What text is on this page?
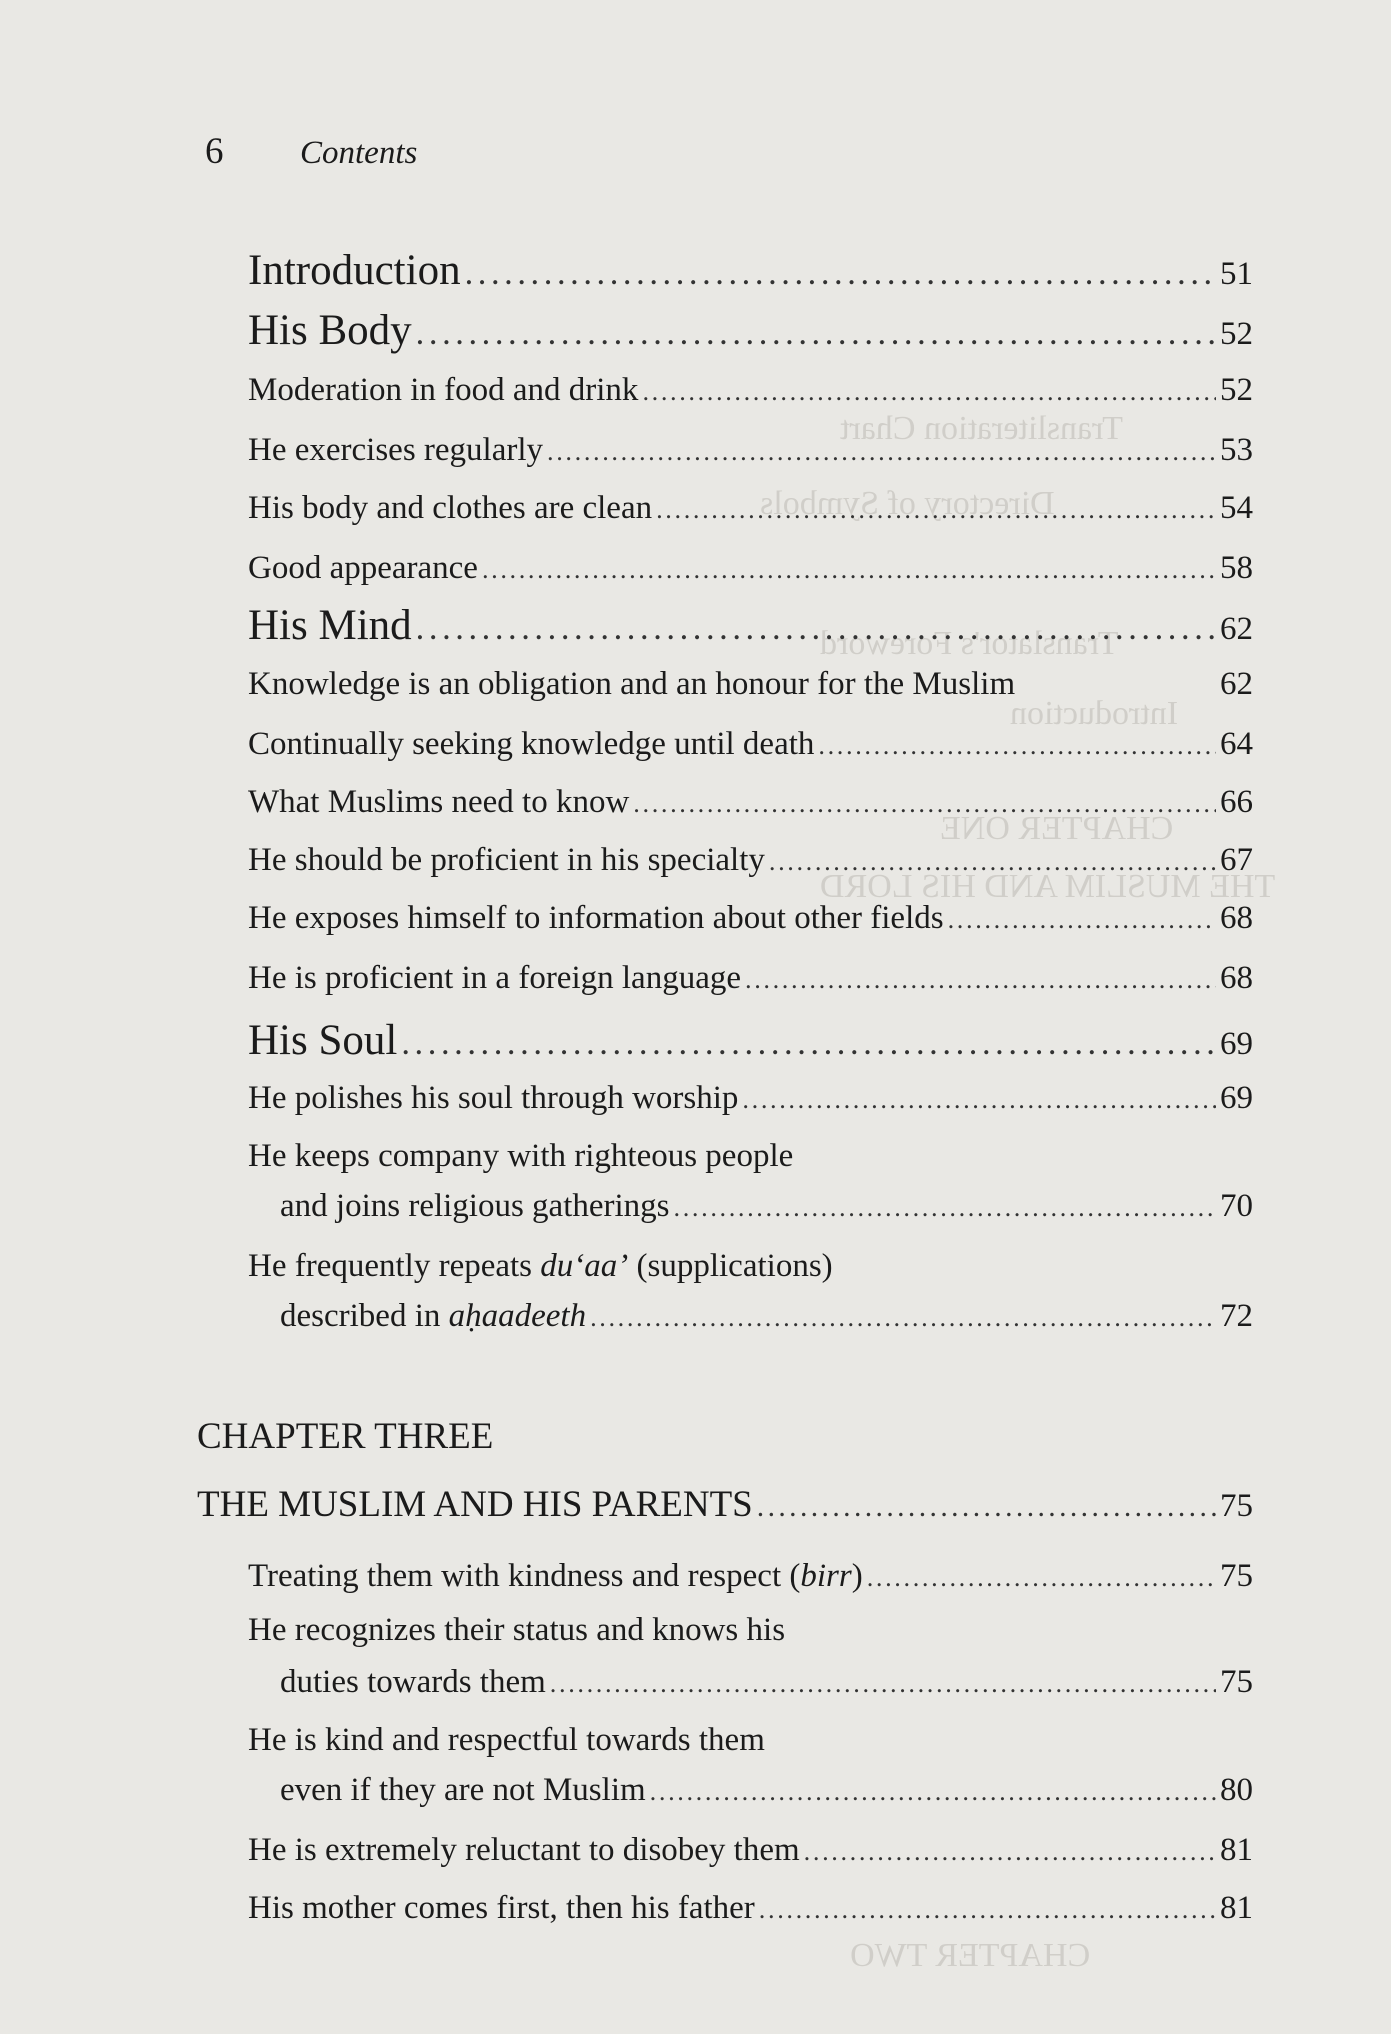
6 Contents
Transliteration Chart
Directory of Symbols
Translator's Foreword
Introduction
CHAPTER ONE
THE MUSLIM AND HIS LORD
CHAPTER TWO
Introduction . . .	51
His Body . . .	52
Moderation in food and drink . . .	52
He exercises regularly . . .	53
His body and clothes are clean . . .	54
Good appearance . . .	58
His Mind . . .	62
Knowledge is an obligation and an honour for the Muslim	62
Continually seeking knowledge until death . . .	64
What Muslims need to know . . .	66
He should be proficient in his specialty . . .	67
He exposes himself to information about other fields . . .	68
He is proficient in a foreign language . . .	68
His Soul . . .	69
He polishes his soul through worship . . .	69
He keeps company with righteous people
and joins religious gatherings . . .	70
He frequently repeats du‘aa’ (supplications)
described in aḥaadeeth . . .	72
CHAPTER THREE
THE MUSLIM AND HIS PARENTS . . .	75
Treating them with kindness and respect (birr) . . .	75
He recognizes their status and knows his
duties towards them . . .	75
He is kind and respectful towards them
even if they are not Muslim . . .	80
He is extremely reluctant to disobey them . . .	81
His mother comes first, then his father . . .	81
